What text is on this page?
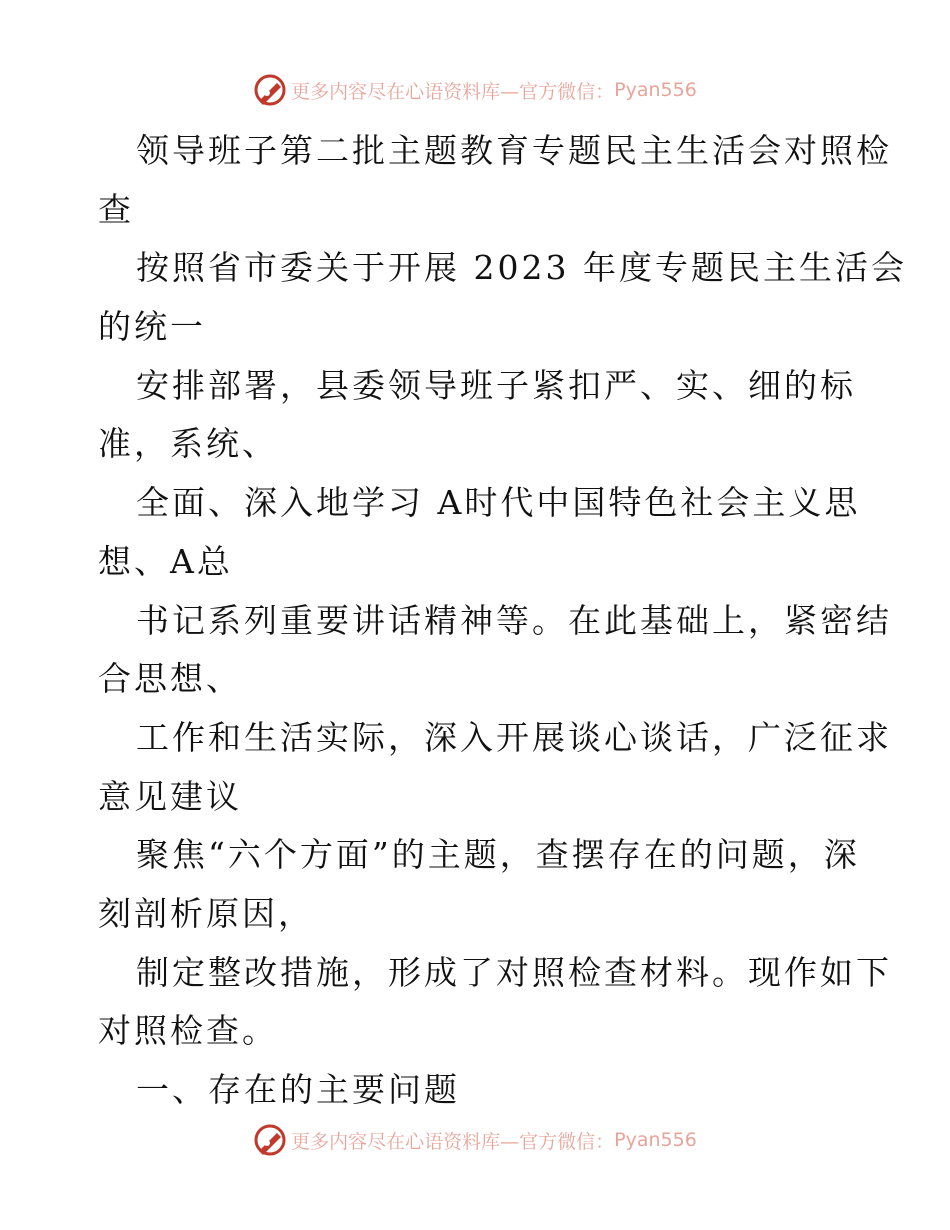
更多内容尽在心语资料库—官方微信： Pyan556
领导班子第二批主题教育专题民主生活会对照检
查
按照省市委关于开展 2023 年度专题民主生活会
的统一
安排部署，县委领导班子紧扣严、实、细的标
准，系统、
全面、深入地学习 A时代中国特色社会主义思
想、A总
书记系列重要讲话精神等。在此基础上，紧密结
合思想、
工作和生活实际，深入开展谈心谈话，广泛征求
意见建议
聚焦“六个方面”的主题，查摆存在的问题，深
刻剖析原因，
制定整改措施，形成了对照检查材料。现作如下
对照检查。
一、存在的主要问题
更多内容尽在心语资料库—官方微信： Pyan556
